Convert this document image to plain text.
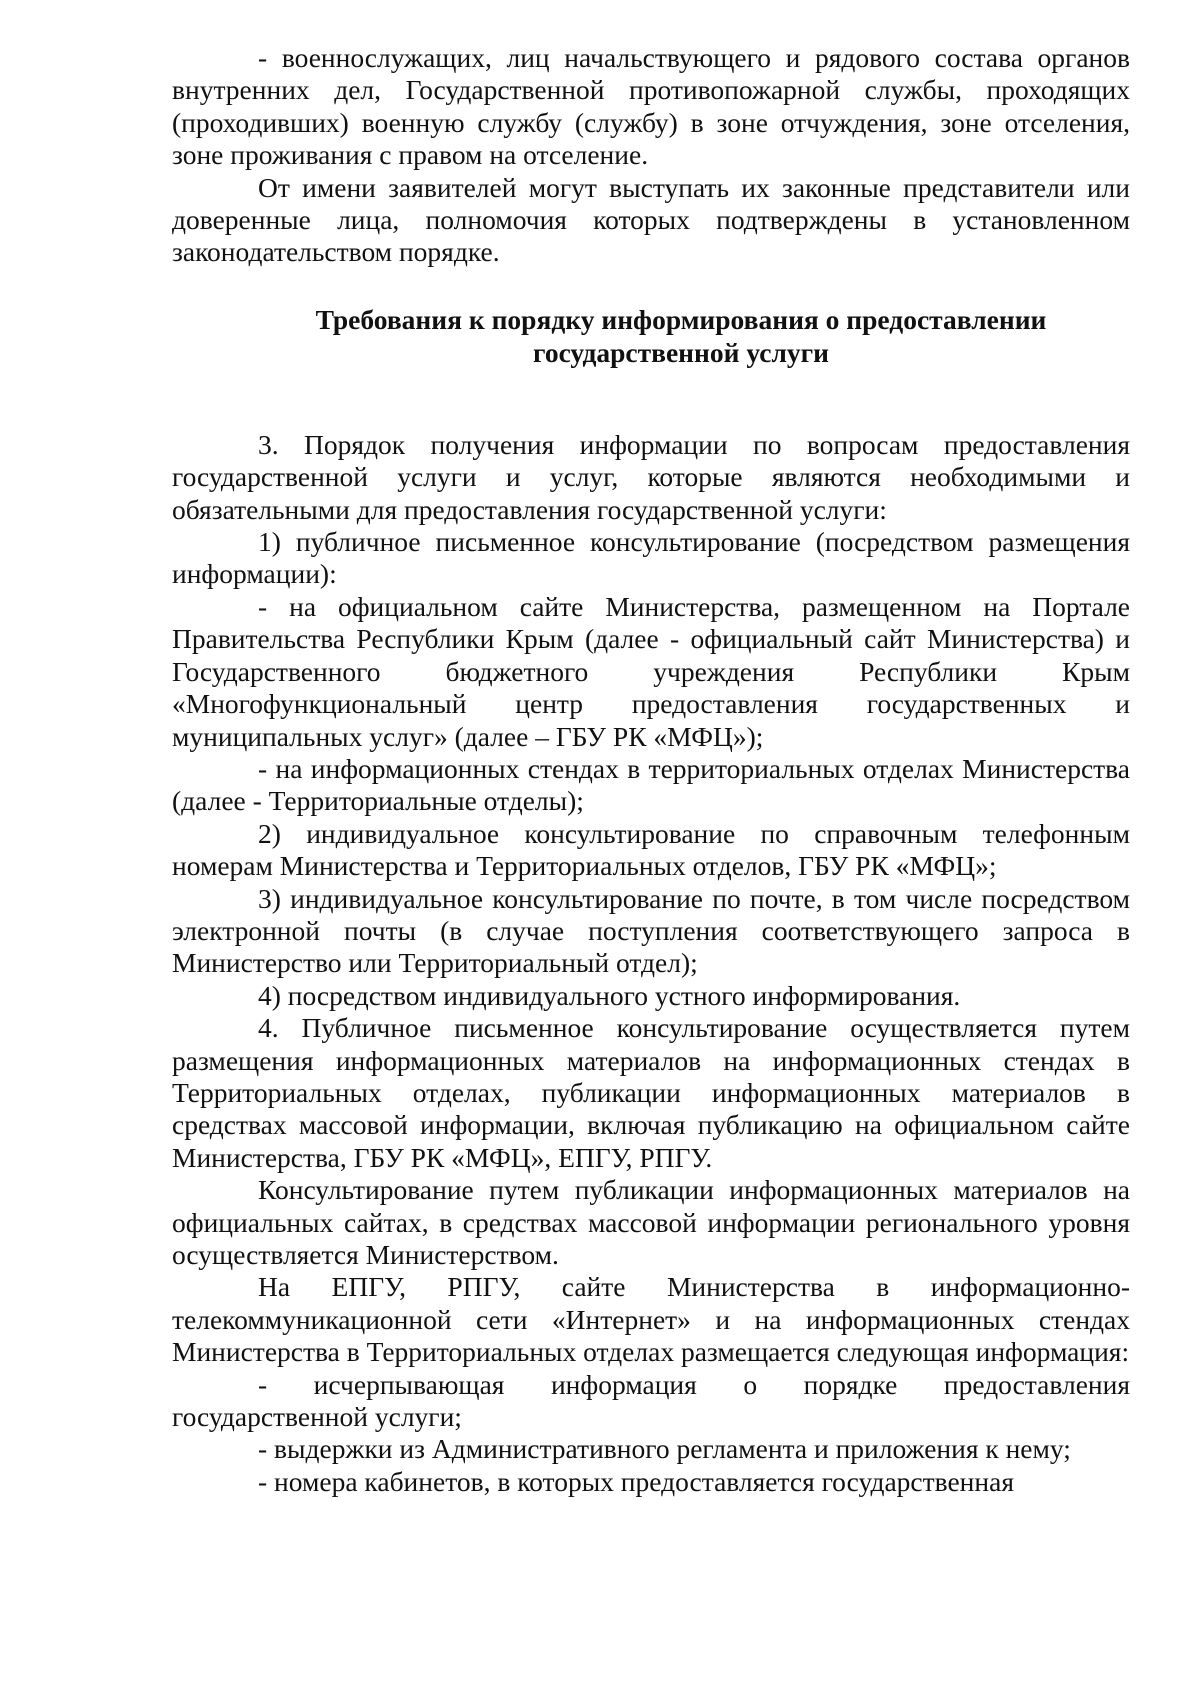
- военнослужащих, лиц начальствующего и рядового состава органов внутренних дел, Государственной противопожарной службы, проходящих (проходивших) военную службу (службу) в зоне отчуждения, зоне отселения, зоне проживания с правом на отселение.

От имени заявителей могут выступать их законные представители или доверенные лица, полномочия которых подтверждены в установленном законодательством порядке.

Требования к порядку информирования о предоставлении
государственной услуги

3. Порядок получения информации по вопросам предоставления государственной услуги и услуг, которые являются необходимыми и обязательными для предоставления государственной услуги:

1) публичное письменное консультирование (посредством размещения информации):

- на официальном сайте Министерства, размещенном на Портале Правительства Республики Крым (далее - официальный сайт Министерства) и Государственного бюджетного учреждения Республики Крым «Многофункциональный центр предоставления государственных и муниципальных услуг» (далее – ГБУ РК «МФЦ»);

- на информационных стендах в территориальных отделах Министерства (далее - Территориальные отделы);

2) индивидуальное консультирование по справочным телефонным номерам Министерства и Территориальных отделов, ГБУ РК «МФЦ»;

3) индивидуальное консультирование по почте, в том числе посредством электронной почты (в случае поступления соответствующего запроса в Министерство или Территориальный отдел);

4) посредством индивидуального устного информирования.

4. Публичное письменное консультирование осуществляется путем размещения информационных материалов на информационных стендах в Территориальных отделах, публикации информационных материалов в средствах массовой информации, включая публикацию на официальном сайте Министерства, ГБУ РК «МФЦ», ЕПГУ, РПГУ.

Консультирование путем публикации информационных материалов на официальных сайтах, в средствах массовой информации регионального уровня осуществляется Министерством.

На ЕПГУ, РПГУ, сайте Министерства в информационно-телекоммуникационной сети «Интернет» и на информационных стендах Министерства в Территориальных отделах размещается следующая информация:

- исчерпывающая информация о порядке предоставления государственной услуги;

- выдержки из Административного регламента и приложения к нему;

- номера кабинетов, в которых предоставляется государственная
